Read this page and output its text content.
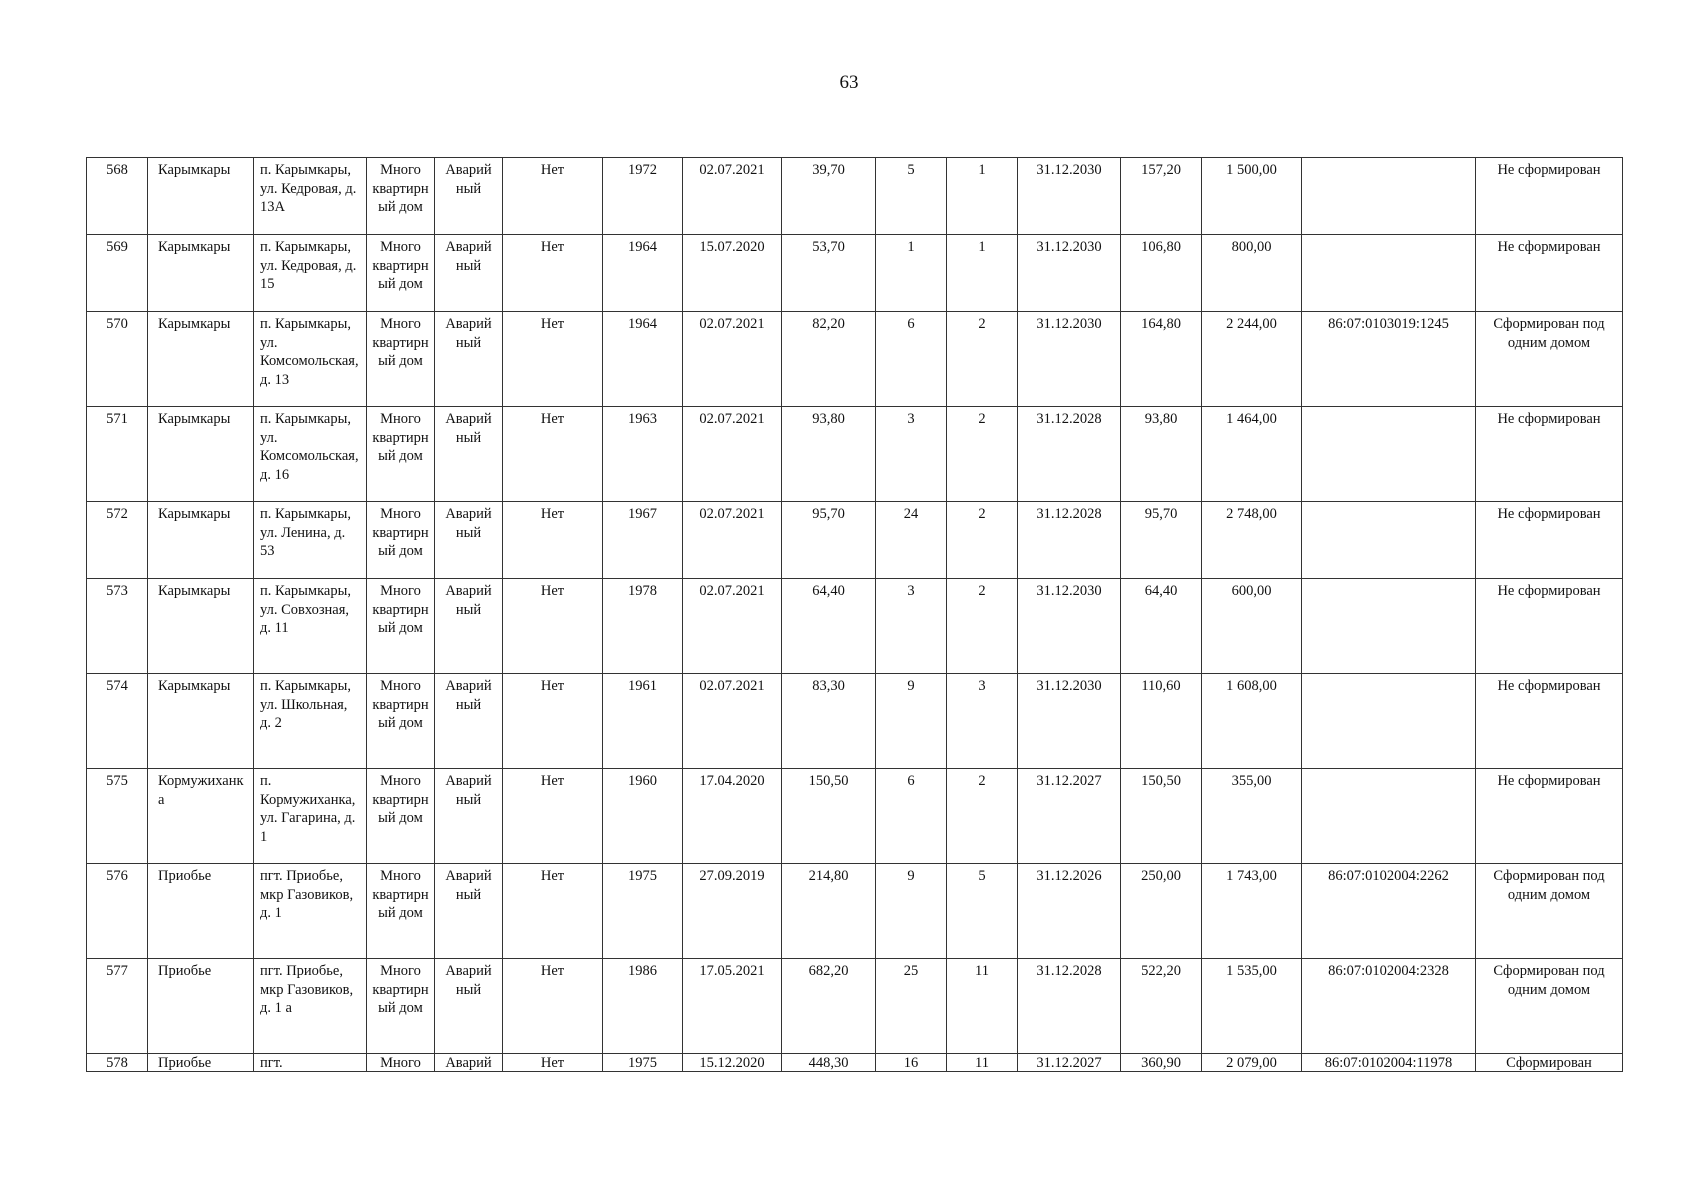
63
568	Карымкары	п. Карымкары, ул. Кедровая, д. 13А	Много квартирный дом	Аварий ный	Нет	1972	02.07.2021	39,70	5	1	31.12.2030	157,20	1 500,00		Не сформирован

569	Карымкары	п. Карымкары, ул. Кедровая, д. 15	Много квартирный дом	Аварий ный	Нет	1964	15.07.2020	53,70	1	1	31.12.2030	106,80	800,00		Не сформирован

570	Карымкары	п. Карымкары, ул. Комсомольская, д. 13	Много квартирный дом	Аварий ный	Нет	1964	02.07.2021	82,20	6	2	31.12.2030	164,80	2 244,00	86:07:0103019:1245	Сформирован под одним домом

571	Карымкары	п. Карымкары, ул. Комсомольская, д. 16	Много квартирный дом	Аварий ный	Нет	1963	02.07.2021	93,80	3	2	31.12.2028	93,80	1 464,00		Не сформирован

572	Карымкары	п. Карымкары, ул. Ленина, д. 53	Много квартирный дом	Аварий ный	Нет	1967	02.07.2021	95,70	24	2	31.12.2028	95,70	2 748,00		Не сформирован

573	Карымкары	п. Карымкары, ул. Совхозная, д. 11	Много квартирный дом	Аварий ный	Нет	1978	02.07.2021	64,40	3	2	31.12.2030	64,40	600,00		Не сформирован

574	Карымкары	п. Карымкары, ул. Школьная, д. 2	Много квартирный дом	Аварий ный	Нет	1961	02.07.2021	83,30	9	3	31.12.2030	110,60	1 608,00		Не сформирован

575	Кормужиханка	п. Кормужиханка, ул. Гагарина, д. 1	Много квартирный дом	Аварий ный	Нет	1960	17.04.2020	150,50	6	2	31.12.2027	150,50	355,00		Не сформирован

576	Приобье	пгт. Приобье, мкр Газовиков, д. 1	Много квартирный дом	Аварий ный	Нет	1975	27.09.2019	214,80	9	5	31.12.2026	250,00	1 743,00	86:07:0102004:2262	Сформирован под одним домом

577	Приобье	пгт. Приобье, мкр Газовиков, д. 1 а	Много квартирный дом	Аварий ный	Нет	1986	17.05.2021	682,20	25	11	31.12.2028	522,20	1 535,00	86:07:0102004:2328	Сформирован под одним домом

578	Приобье	пгт.	Много	Аварий	Нет	1975	15.12.2020	448,30	16	11	31.12.2027	360,90	2 079,00	86:07:0102004:11978	Сформирован
